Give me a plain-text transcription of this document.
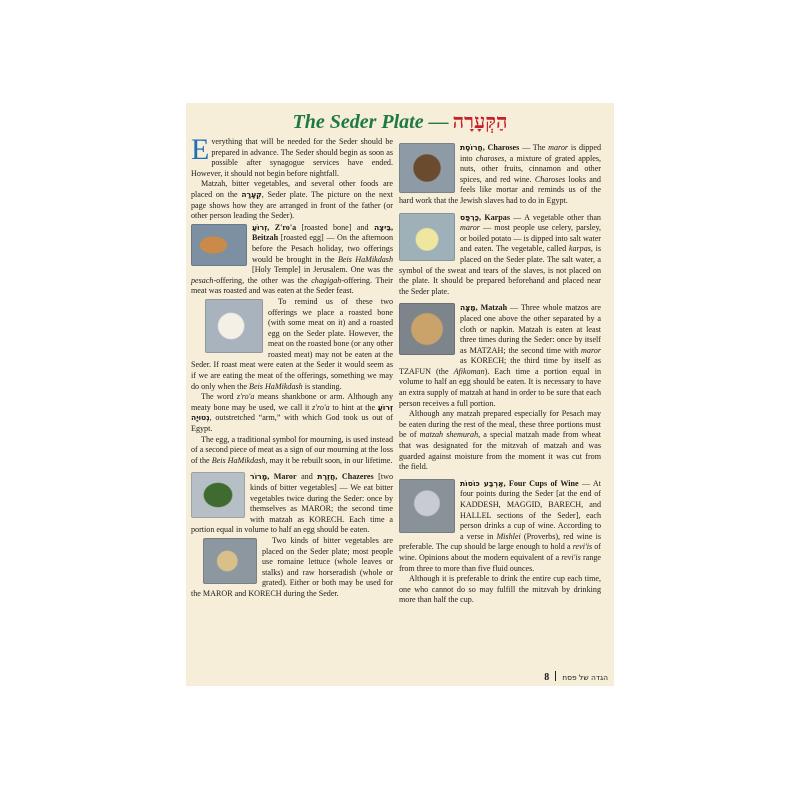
The Seder Plate — הַקְּעָרָה

Everything that will be needed for the Seder should be prepared in advance. The Seder should begin as soon as possible after synagogue services have ended. However, it should not begin before nightfall.

Matzah, bitter vegetables, and several other foods are placed on the קְעָרָה, Seder plate. The picture on the next page shows how they are arranged in front of the father (or other person leading the Seder).

זְרוֹעַ, Z'ro'a [roasted bone] and בֵּיצָה, Beitzah [roasted egg] — On the afternoon before the Pesach holiday, two offerings would be brought in the Beis HaMikdash [Holy Temple] in Jerusalem. One was the pesach-offering, the other was the chagigah-offering. Their meat was roasted and was eaten at the Seder feast.

To remind us of these two offerings we place a roasted bone (with some meat on it) and a roasted egg on the Seder plate. However, the meat on the roasted bone (or any other roasted meat) may not be eaten at the Seder. If roast meat were eaten at the Seder it would seem as if we are eating the meat of the offerings, something we may do only when the Beis HaMikdash is standing.

The word z'ro'a means shankbone or arm. Although any meaty bone may be used, we call it z'ro'a to hint at the זְרוֹעַ נְטוּיָה, outstretched “arm,” with which God took us out of Egypt.

The egg, a traditional symbol for mourning, is used instead of a second piece of meat as a sign of our mourning at the loss of the Beis HaMikdash, may it be rebuilt soon, in our lifetime.

מָרוֹר, Maror and חֲזֶרֶת, Chazeres [two kinds of bitter vegetables] — We eat bitter vegetables twice during the Seder: once by themselves as MAROR; the second time with matzah as KORECH. Each time a portion equal in volume to half an egg should be eaten.

Two kinds of bitter vegetables are placed on the Seder plate; most people use romaine lettuce (whole leaves or stalks) and raw horseradish (whole or grated). Either or both may be used for the MAROR and KORECH during the Seder.

חֲרוֹסֶת, Charoses — The maror is dipped into charoses, a mixture of grated apples, nuts, other fruits, cinnamon and other spices, and red wine. Charoses looks and feels like mortar and reminds us of the hard work that the Jewish slaves had to do in Egypt.

כַּרְפַּס, Karpas — A vegetable other than maror — most people use celery, parsley, or boiled potato — is dipped into salt water and eaten. The vegetable, called karpas, is placed on the Seder plate. The salt water, a symbol of the sweat and tears of the slaves, is not placed on the plate. It should be prepared beforehand and placed near the Seder plate.

מַצָּה, Matzah — Three whole matzos are placed one above the other separated by a cloth or napkin. Matzah is eaten at least three times during the Seder: once by itself as MATZAH; the second time with maror as KORECH; the third time by itself as TZAFUN (the Afikoman). Each time a portion equal in volume to half an egg should be eaten. It is necessary to have an extra supply of matzah at hand in order to be sure that each person receives a full portion.

Although any matzah prepared especially for Pesach may be eaten during the rest of the meal, these three portions must be of matzah shemurah, a special matzah made from wheat that was designated for the mitzvah of matzah and was guarded against moisture from the moment it was cut from the field.

אַרְבַּע כּוֹסוֹת, Four Cups of Wine — At four points during the Seder [at the end of KADDESH, MAGGID, BARECH, and HALLEL sections of the Seder], each person drinks a cup of wine. According to a verse in Mishlei (Proverbs), red wine is preferable. The cup should be large enough to hold a revi'is of wine. Opinions about the modern equivalent of a revi'is range from three to more than five fluid ounces.

Although it is preferable to drink the entire cup each time, one who cannot do so may fulfill the mitzvah by drinking more than half the cup.

הגדה של פסח8
